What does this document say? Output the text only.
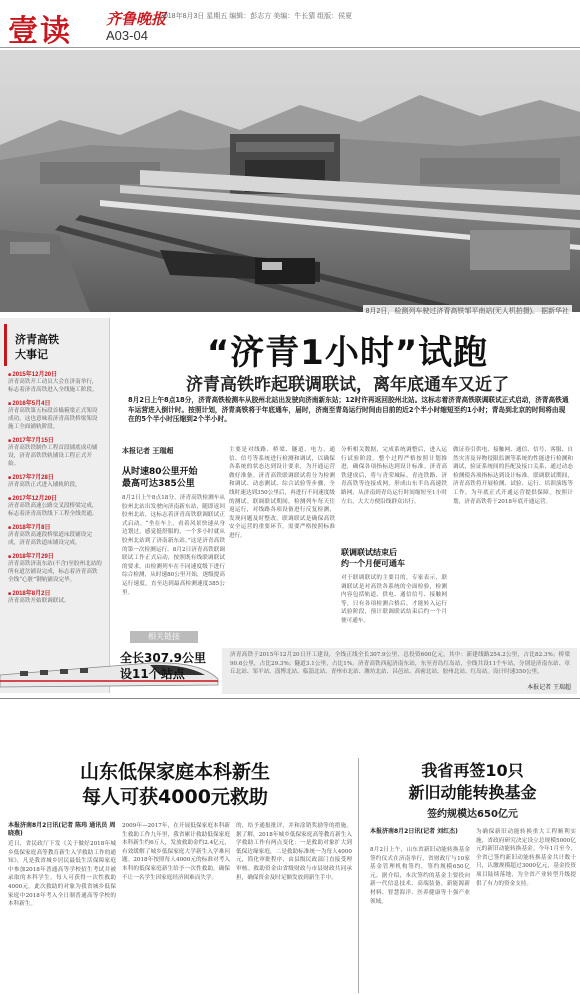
壹读 齐鲁晚报
2018年8月3日 星期五 编辑：彭志方 美编：牛长猜 组版：侯夏
A03-04
8月2日，检测列车驶过济青高铁邹平南站(无人机拍摄)。 据新华社
济青高铁
大事记
■ 2015年12月20日
济青高铁开工动员大会在济南举行，标志着济青高铁进入全线施工阶段。
■ 2016年5月4日
济青高铁第五标段首榀箱梁正式架设成功，这也意味着济青高铁桥梁架设施工全面铺轨阶段。
■ 2017年7月15日
济青高铁铁制作工程首段铺底成功铺设，济青高铁铁轨铺设工程正式开始。
■ 2017年7月28日
济青高铁正式进入铺轨阶段。
■ 2017年12月20日
济青高铁高速公路交叉段桥梁完成，标志着济青高铁线下工程全线贯通。
■ 2018年7月8日
济青高铁高速段桥梁道床段铺设完成，济青高铁道床铺设完成。
■ 2018年7月29日
济青高铁济南东站(不含)至胶州北站的所有道岔铺设完成，标志着济青高铁全线“心脏”钢轨铺设完毕。
■ 2018年8月2日
济青高铁开始联调联试。
“济青1小时”试跑
济青高铁昨起联调联试，离年底通车又近了
8月2日上午8点18分，济青高铁检测车从胶州北站出发驶向济南新东站；12时许再返回胶州北站。这标志着济青高铁联调联试正式启动，济青高铁通车运营进入倒计时。按照计划，济青高铁将于年底通车，届时，济南至青岛运行时间由目前的近2个半小时缩短至约1小时；青岛到北京的时间将由现在的5个半小时压缩到2个半小时。
本报记者 王瑞超
从时速80公里开始
最高可达385公里
8月2日上午8点18分，济青高铁检测车从胶州北站出发驶向济南新东站，随即返回胶州北站，这标志着济青高铁联调联试正式启动。“坐在车上，看着风景快速从身边划过，感觉挺舒服的，一个多小时就从胶州北站到了济南新东站。”这是济青高铁的第一次检测运行。8月2日济青高铁联调联试工作正式启动，按照既有线联调联试的要求，由检测列车在不同速度级下进行综合检测，从时速80公里开始，逐级提高运行速度，直至达到最高检测速度385公里。
主要是对线路、桥梁、隧道、电力、通信、信号等系统进行检测和调试，以确保各系统的状态达到设计要求，为开通运营做好准备。济青高铁联调联试将分为检测和调试、动态测试、综合试验等步骤，全线时速达到350公里后，再进行不同速度级的测试。联调联试期间，检测列车每天往返运行，对线路各项设备进行反复检测，发现问题及时整改。联调联试是确保高铁安全运营的重要环节，需要严格按照标准进行。
分析相关数据，完成系统调整后，进入运行试验阶段。整个过程严格按照计划推进，确保各项指标达到设计标准。济青高铁建成后，将与青荣城际、青连铁路、济青高铁等连接成网，形成山东半岛高速铁路网，从济南到青岛运行时间缩短至1小时左右，大大方便沿线群众出行。
联调联试结束后
约一个月便可通车
对于联调联试的主要目的，专家表示，联调联试是对高铁各系统的全面检验，检测内容包括轨道、供电、通信信号、接触网等，只有各项检测合格后，才能转入运行试验阶段，预计联调联试结束后约一个月便可通车。
做证券引供电、接触网、通信、信号、客服、自然灾害及异物侵限监测等系统的性能进行检测和调试，验证系统间的匹配及接口关系，通过动态检测使各项指标达到设计标准。联调联试期间，济青高铁将开展检测、试验、运行、培训演练等工作，为年底正式开通运营提供保障。按照计划，济青高铁将于2018年底开通运营。
相关链接
全长307.9公里
设11个站点
济青高铁于2015年12月20日开工建设，全线正线全长307.9公里，总投资600亿元。其中：新建线路254.2公里，占比82.3%；桥梁90.6公里，占比29.3%；隧道3.1公里，占比1%。济青高铁西起济南东站，东至青岛红岛站，全线共设11个车站，分别是济南东站、章丘北站、邹平站、淄博北站、临淄北站、青州市北站、潍坊北站、昌邑站、高密北站、胶州北站、红岛站。设计时速350公里。
本报记者 王瑞超
山东低保家庭本科新生
每人可获4000元救助
本报济南8月2日讯(记者 陈玮 通讯员 周晓燕)
近日，省民政厅下发《关于做好2018年城乡低保家庭高等教育新生入学救助工作的通知》，凡是我省城乡居民最低生活保障家庭中参加2018年普通高等学校招生考试并被录取的本科学生，每人可获得一次性救助4000元。此次救助的对象为我省城乡低保家庭中2018年考入全日制普通高等学校的本科新生。
2009年—2017年，在开展低保家庭本科新生救助工作九年里，我省累计救助低保家庭本科新生约6万人，发放救助金约2.4亿元，有效缓解了城乡低保家庭大学新生入学难问题。2018年按照每人4000元的标准对考入本科的低保家庭新生给予一次性救助，确保不让一名学生因家庭经济困难而失学。
的，给予通报批评，并和涂销奖励等的措施。据了解，2018年城乡低保家庭高等教育新生入学救助工作有两点变化：一是救助对象扩大到低保边缘家庭，二是救助标准统一为每人4000元，简化审批程序，由县级民政部门直接受理审核。救助资金由省级财政与市县财政共同承担，确保资金及时足额发放到新生手中。
我省再签10只
新旧动能转换基金
签约规模达650亿元
本报济南8月2日讯(记者 刘红杰)
8月2日上午，山东省新旧动能转换基金签约仪式在济南举行，省财政厅与10家基金管理机构签约，签约规模650亿元。据介绍，本次签约的基金主要投向新一代信息技术、高端装备、新能源新材料、智慧海洋、医养健康等十强产业领域。
为确保新旧动能转换重大工程顺利实施，省政府研究决定设立总规模5000亿元的新旧动能转换基金。今年1月至今，全省已签约新旧动能转换基金共计数十只，认缴规模超过3000亿元，基金投资项目陆续落地，为全省产业转型升级提供了有力的资金支持。
